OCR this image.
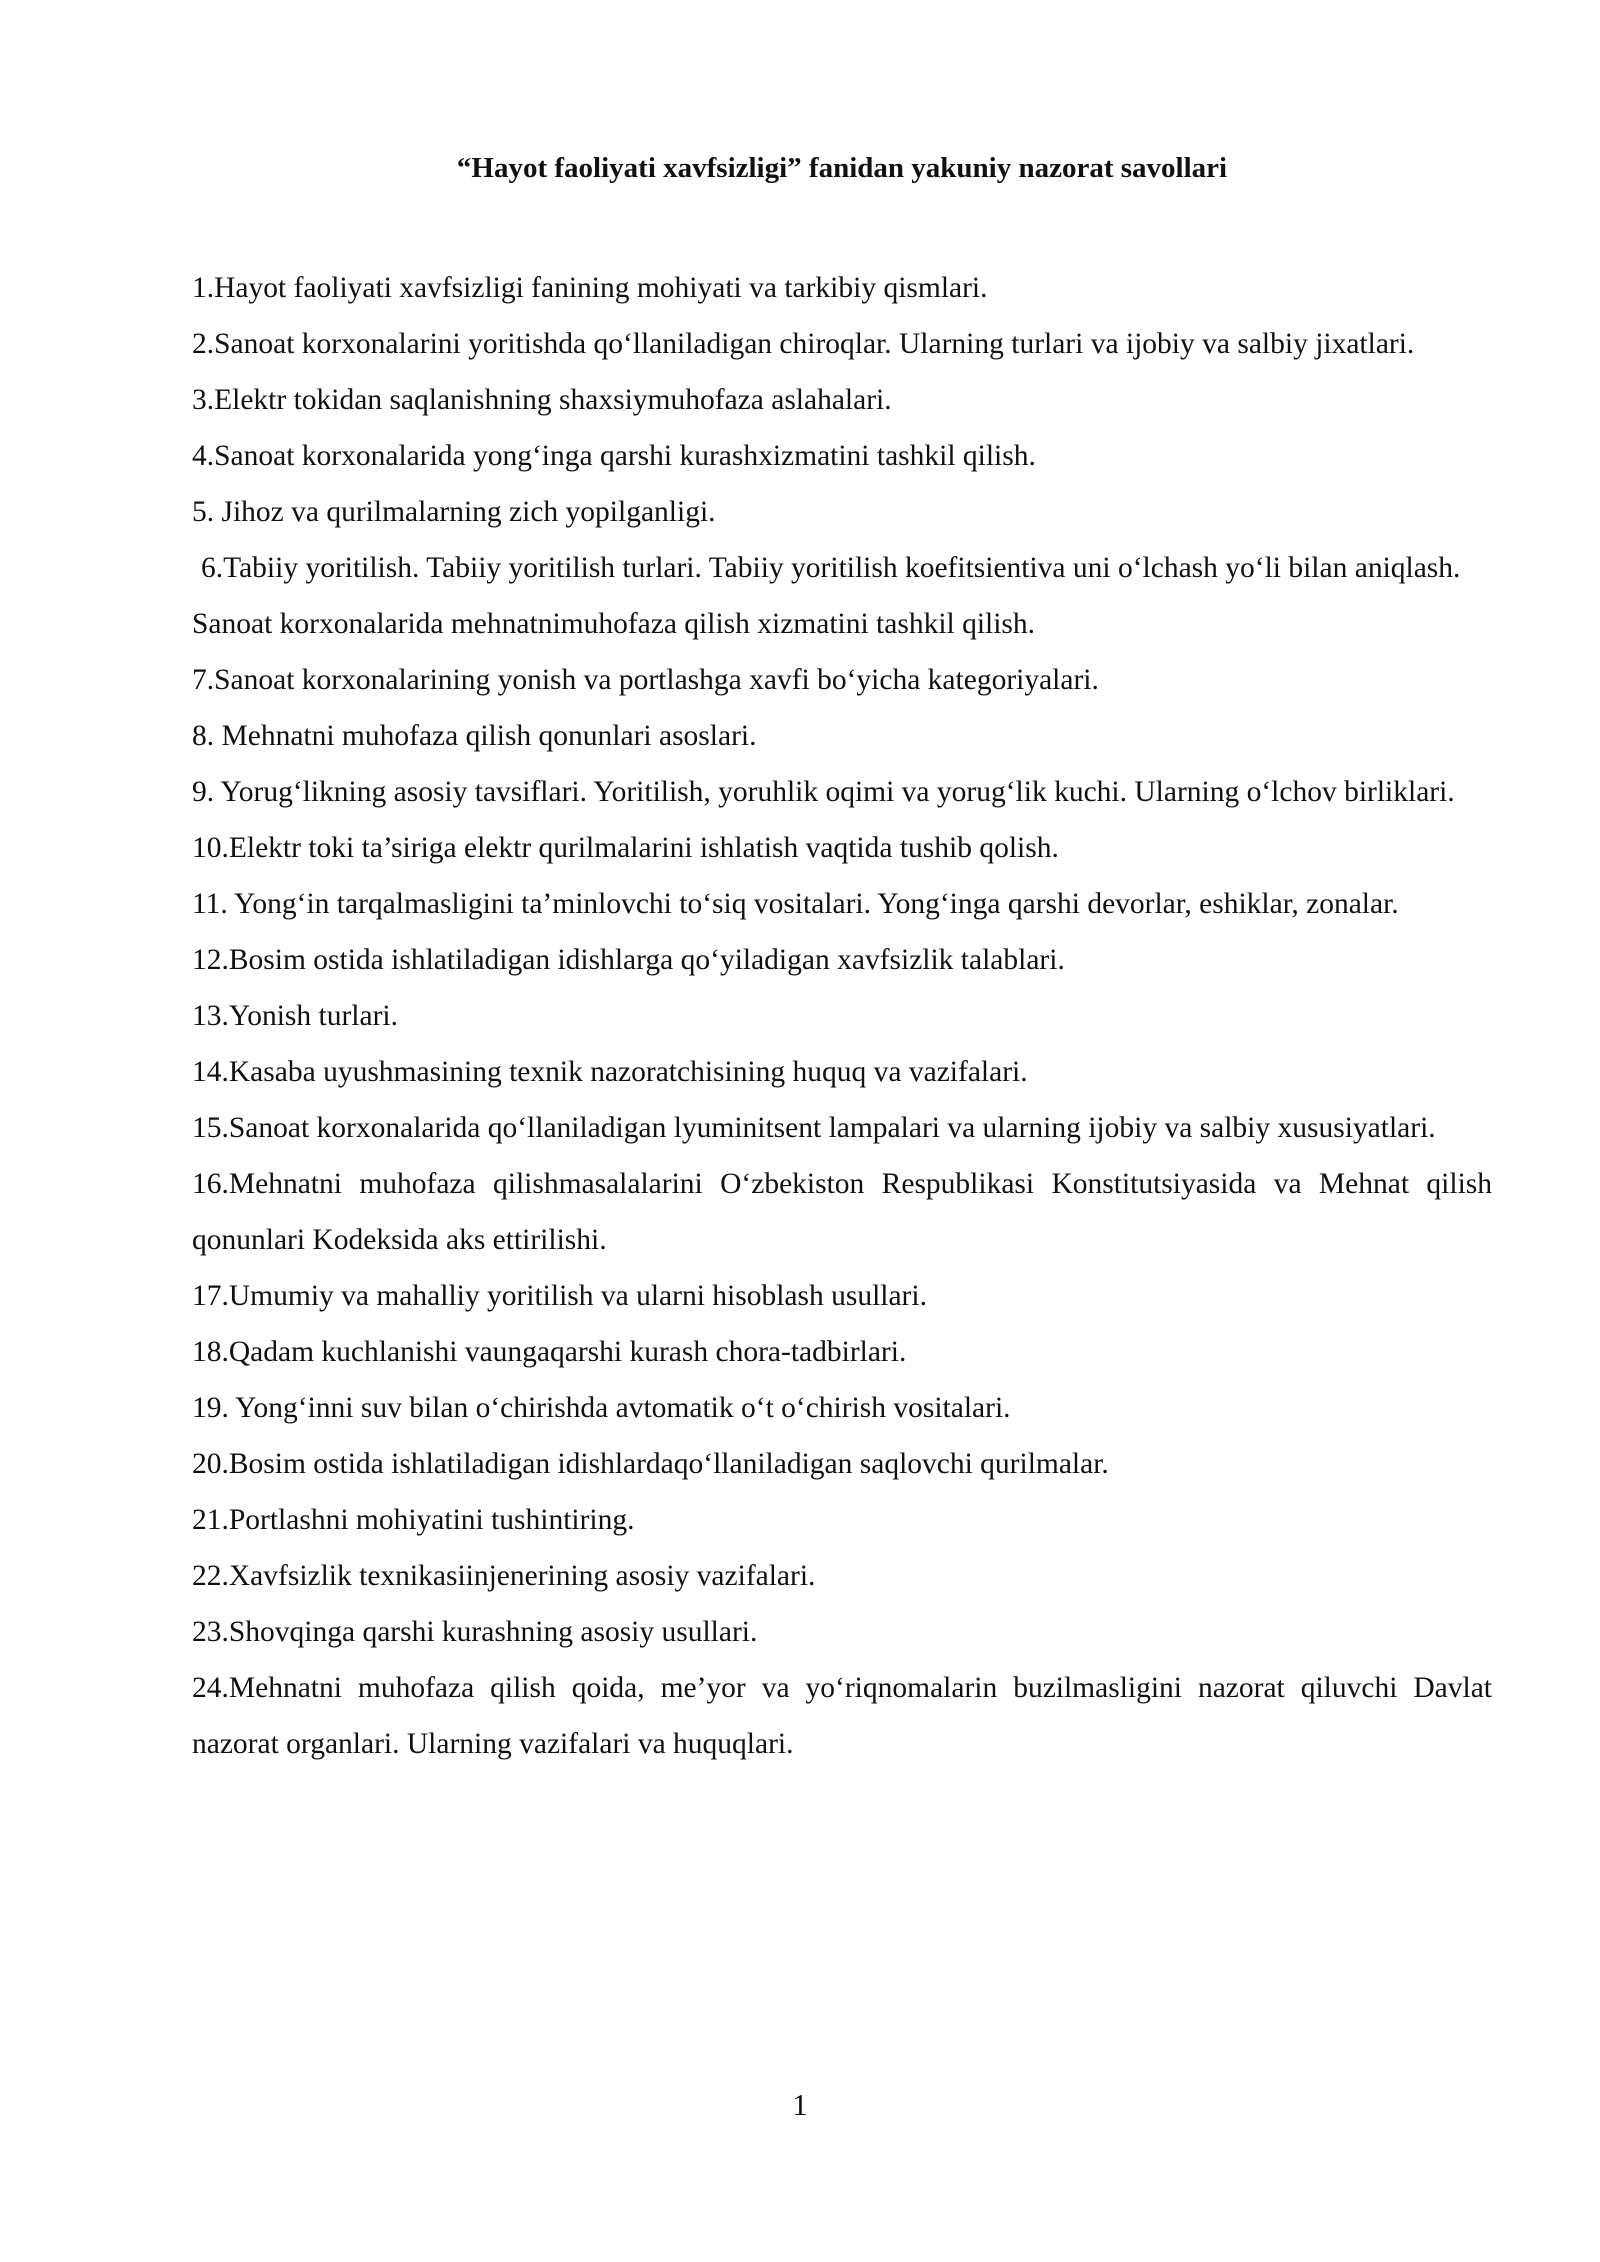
“Hayot faoliyati xavfsizligi” fanidan yakuniy nazorat savollari
1.Hayot faoliyati xavfsizligi fanining mohiyati va tarkibiy qismlari.
2.Sanoat korxonalarini yoritishda qo‘llaniladigan chiroqlar. Ularning turlari va ijobiy va salbiy jixatlari.
3.Elektr tokidan saqlanishning shaxsiymuhofaza aslahalari.
4.Sanoat korxonalarida yong‘inga qarshi kurashxizmatini tashkil qilish.
5. Jihoz va qurilmalarning zich yopilganligi.
6.Tabiiy yoritilish. Tabiiy yoritilish turlari. Tabiiy yoritilish koefitsientiva uni o‘lchash yo‘li bilan aniqlash.
Sanoat korxonalarida mehnatnimuhofaza qilish xizmatini tashkil qilish.
7.Sanoat korxonalarining yonish va portlashga xavfi bo‘yicha kategoriyalari.
8. Mehnatni muhofaza qilish qonunlari asoslari.
9. Yorug‘likning asosiy tavsiflari. Yoritilish, yoruhlik oqimi va yorug‘lik kuchi. Ularning o‘lchov birliklari.
10.Elektr toki ta’siriga elektr qurilmalarini ishlatish vaqtida tushib qolish.
11. Yong‘in tarqalmasligini ta’minlovchi to‘siq vositalari. Yong‘inga qarshi devorlar, eshiklar, zonalar.
12.Bosim ostida ishlatiladigan idishlarga qo‘yiladigan xavfsizlik talablari.
13.Yonish turlari.
14.Kasaba uyushmasining texnik nazoratchisining huquq va vazifalari.
15.Sanoat korxonalarida qo‘llaniladigan lyuminitsent lampalari va ularning ijobiy va salbiy xususiyatlari.
16.Mehnatni muhofaza qilishmasalalarini O‘zbekiston Respublikasi Konstitutsiyasida va Mehnat qilish qonunlari Kodeksida aks ettirilishi.
17.Umumiy va mahalliy yoritilish va ularni hisoblash usullari.
18.Qadam kuchlanishi vaungaqarshi kurash chora-tadbirlari.
19. Yong‘inni suv bilan o‘chirishda avtomatik o‘t o‘chirish vositalari.
20.Bosim ostida ishlatiladigan idishlardaqo‘llaniladigan saqlovchi qurilmalar.
21.Portlashni mohiyatini tushintiring.
22.Xavfsizlik texnikasiinjenerining asosiy vazifalari.
23.Shovqinga qarshi kurashning asosiy usullari.
24.Mehnatni muhofaza qilish qoida, me’yor va yo‘riqnomalarin buzilmasligini nazorat qiluvchi Davlat nazorat organlari. Ularning vazifalari va huquqlari.
1
